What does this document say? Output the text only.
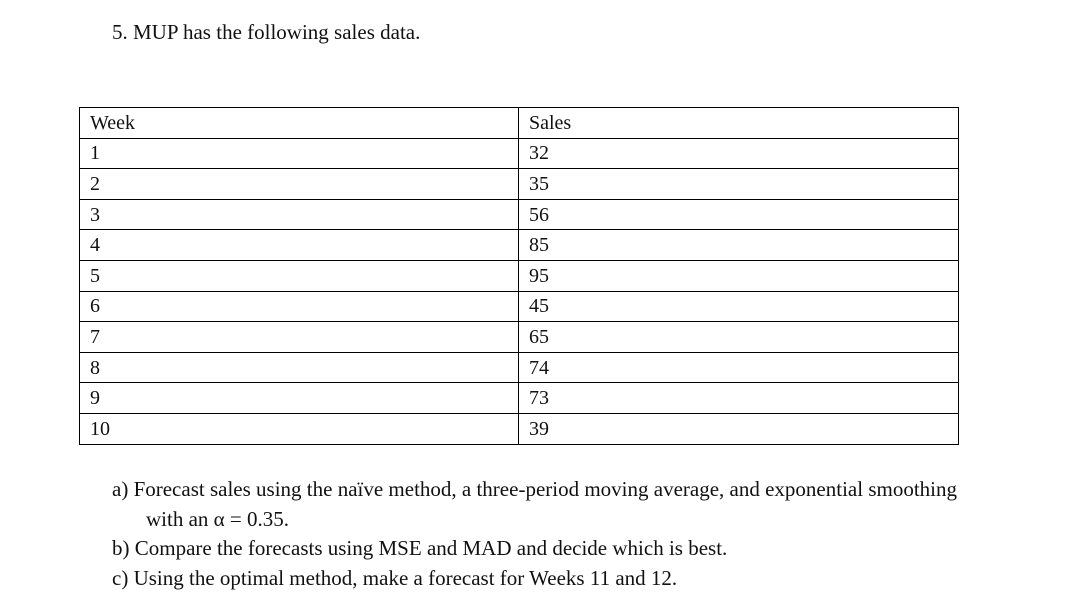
5. MUP has the following sales data.
Week	Sales
1	32
2	35
3	56
4	85
5	95
6	45
7	65
8	74
9	73
10	39

a) Forecast sales using the naïve method, a three-period moving average, and exponential smoothing

with an α = 0.35.

b) Compare the forecasts using MSE and MAD and decide which is best.

c) Using the optimal method, make a forecast for Weeks 11 and 12.
